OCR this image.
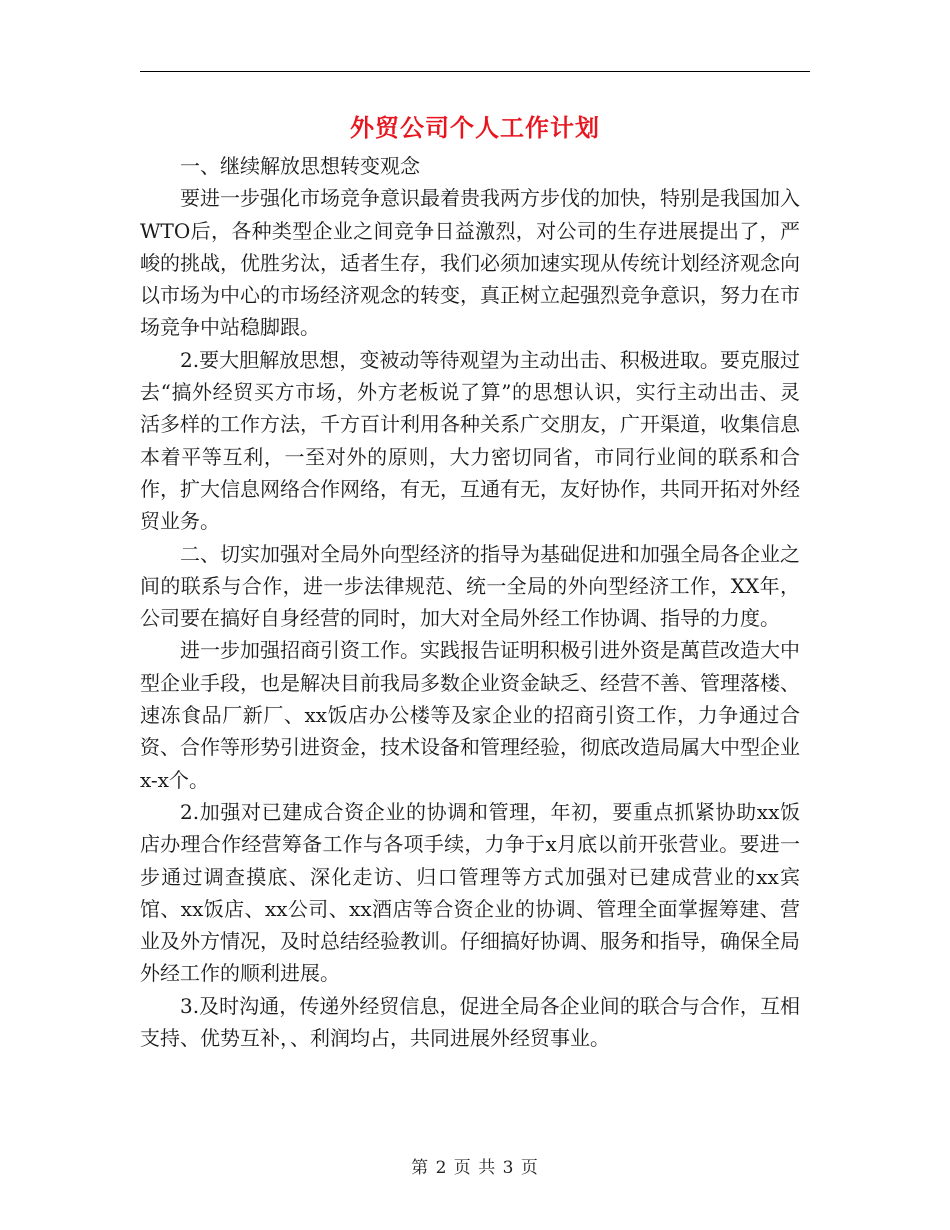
外贸公司个人工作计划

一、继续解放思想转变观念

要进一步强化市场竞争意识最着贵我两方步伐的加快，特别是我国加入WTO后，各种类型企业之间竞争日益激烈，对公司的生存进展提出了，严峻的挑战，优胜劣汰，适者生存，我们必须加速实现从传统计划经济观念向以市场为中心的市场经济观念的转变，真正树立起强烈竞争意识，努力在市场竞争中站稳脚跟。

2.要大胆解放思想，变被动等待观望为主动出击、积极进取。要克服过去“搞外经贸买方市场，外方老板说了算”的思想认识，实行主动出击、灵活多样的工作方法，千方百计利用各种关系广交朋友，广开渠道，收集信息本着平等互利，一至对外的原则，大力密切同省，市同行业间的联系和合作，扩大信息网络合作网络，有无，互通有无，友好协作，共同开拓对外经贸业务。

二、切实加强对全局外向型经济的指导为基础促进和加强全局各企业之间的联系与合作，进一步法律规范、统一全局的外向型经济工作，XX年，公司要在搞好自身经营的同时，加大对全局外经工作协调、指导的力度。

进一步加强招商引资工作。实践报告证明积极引进外资是萬苣改造大中型企业手段，也是解决目前我局多数企业资金缺乏、经营不善、管理落楼、速冻食品厂新厂、xx饭店办公楼等及家企业的招商引资工作，力争通过合资、合作等形势引进资金，技术设备和管理经验，彻底改造局属大中型企业x-x个。

2.加强对已建成合资企业的协调和管理，年初，要重点抓紧协助xx饭店办理合作经营筹备工作与各项手续，力争于x月底以前开张营业。要进一步通过调查摸底、深化走访、归口管理等方式加强对已建成营业的xx宾馆、xx饭店、xx公司、xx酒店等合资企业的协调、管理全面掌握筹建、营业及外方情况，及时总结经验教训。仔细搞好协调、服务和指导，确保全局外经工作的顺利进展。

3.及时沟通，传递外经贸信息，促进全局各企业间的联合与合作，互相支持、优势互补，、利润均占，共同进展外经贸事业。

第 2 页 共 3 页
